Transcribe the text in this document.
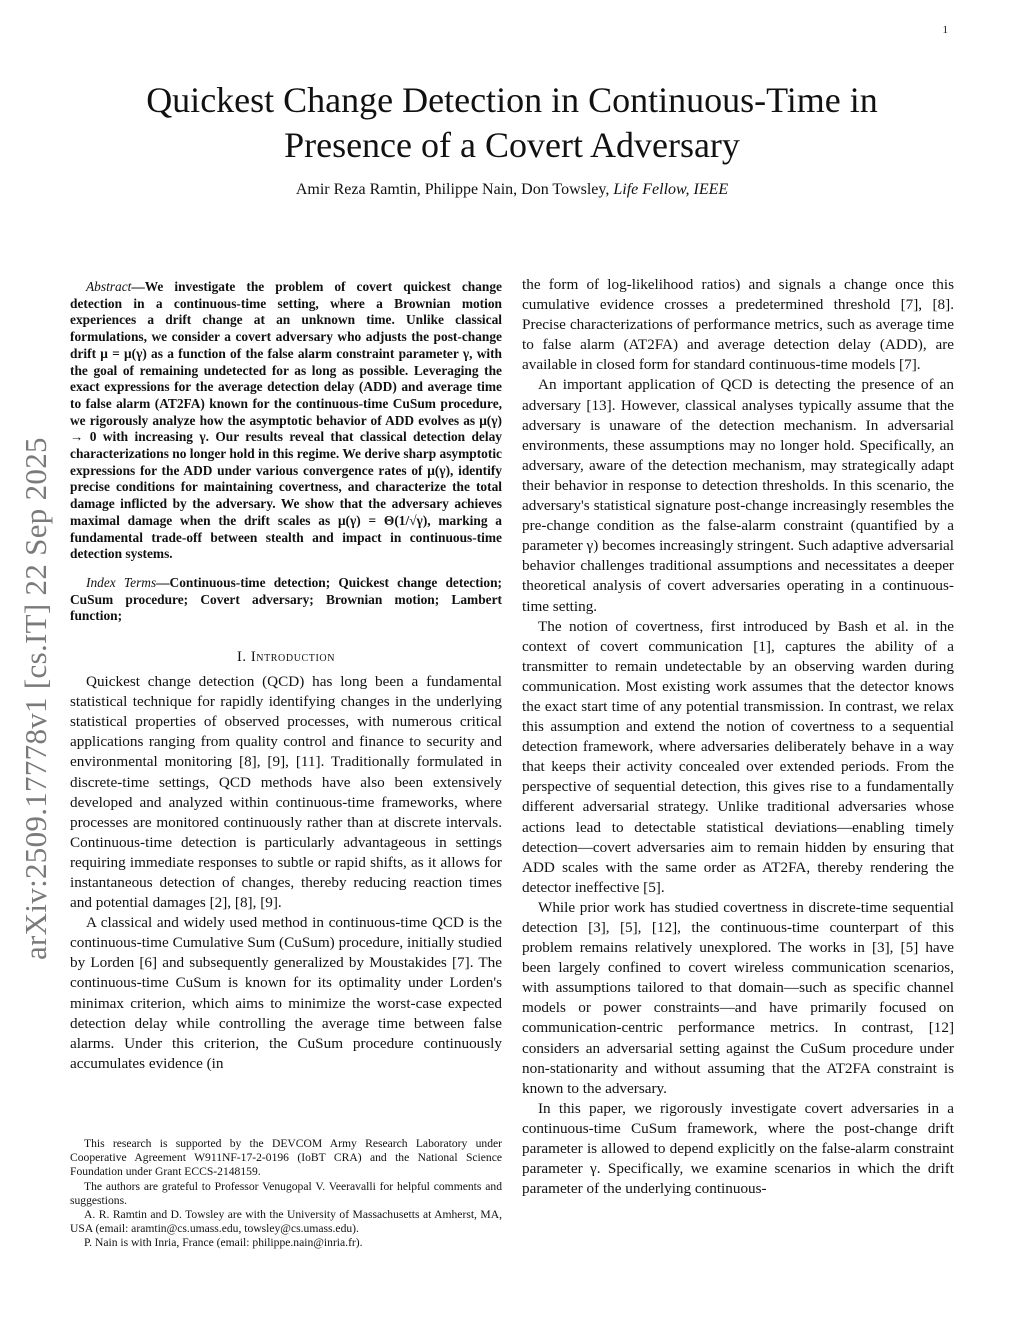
1
Quickest Change Detection in Continuous-Time in
Presence of a Covert Adversary
Amir Reza Ramtin, Philippe Nain, Don Towsley, Life Fellow, IEEE
arXiv:2509.17778v1 [cs.IT] 22 Sep 2025

Abstract—We investigate the problem of covert quickest change detection in a continuous-time setting, where a Brownian motion experiences a drift change at an unknown time. Unlike classical formulations, we consider a covert adversary who adjusts the post-change drift μ = μ(γ) as a function of the false alarm constraint parameter γ, with the goal of remaining undetected for as long as possible. Leveraging the exact expressions for the average detection delay (ADD) and average time to false alarm (AT2FA) known for the continuous-time CuSum procedure, we rigorously analyze how the asymptotic behavior of ADD evolves as μ(γ) → 0 with increasing γ. Our results reveal that classical detection delay characterizations no longer hold in this regime. We derive sharp asymptotic expressions for the ADD under various convergence rates of μ(γ), identify precise conditions for maintaining covertness, and characterize the total damage inflicted by the adversary. We show that the adversary achieves maximal damage when the drift scales as μ(γ) = Θ(1/√γ), marking a fundamental trade-off between stealth and impact in continuous-time detection systems.

Index Terms—Continuous-time detection; Quickest change detection; CuSum procedure; Covert adversary; Brownian motion; Lambert function;

I. Introduction

Quickest change detection (QCD) has long been a fundamental statistical technique for rapidly identifying changes in the underlying statistical properties of observed processes, with numerous critical applications ranging from quality control and finance to security and environmental monitoring [8], [9], [11]. Traditionally formulated in discrete-time settings, QCD methods have also been extensively developed and analyzed within continuous-time frameworks, where processes are monitored continuously rather than at discrete intervals. Continuous-time detection is particularly advantageous in settings requiring immediate responses to subtle or rapid shifts, as it allows for instantaneous detection of changes, thereby reducing reaction times and potential damages [2], [8], [9].

A classical and widely used method in continuous-time QCD is the continuous-time Cumulative Sum (CuSum) procedure, initially studied by Lorden [6] and subsequently generalized by Moustakides [7]. The continuous-time CuSum is known for its optimality under Lorden's minimax criterion, which aims to minimize the worst-case expected detection delay while controlling the average time between false alarms. Under this criterion, the CuSum procedure continuously accumulates evidence (in

the form of log-likelihood ratios) and signals a change once this cumulative evidence crosses a predetermined threshold [7], [8]. Precise characterizations of performance metrics, such as average time to false alarm (AT2FA) and average detection delay (ADD), are available in closed form for standard continuous-time models [7].

An important application of QCD is detecting the presence of an adversary [13]. However, classical analyses typically assume that the adversary is unaware of the detection mechanism. In adversarial environments, these assumptions may no longer hold. Specifically, an adversary, aware of the detection mechanism, may strategically adapt their behavior in response to detection thresholds. In this scenario, the adversary's statistical signature post-change increasingly resembles the pre-change condition as the false-alarm constraint (quantified by a parameter γ) becomes increasingly stringent. Such adaptive adversarial behavior challenges traditional assumptions and necessitates a deeper theoretical analysis of covert adversaries operating in a continuous-time setting.

The notion of covertness, first introduced by Bash et al. in the context of covert communication [1], captures the ability of a transmitter to remain undetectable by an observing warden during communication. Most existing work assumes that the detector knows the exact start time of any potential transmission. In contrast, we relax this assumption and extend the notion of covertness to a sequential detection framework, where adversaries deliberately behave in a way that keeps their activity concealed over extended periods. From the perspective of sequential detection, this gives rise to a fundamentally different adversarial strategy. Unlike traditional adversaries whose actions lead to detectable statistical deviations—enabling timely detection—covert adversaries aim to remain hidden by ensuring that ADD scales with the same order as AT2FA, thereby rendering the detector ineffective [5].

While prior work has studied covertness in discrete-time sequential detection [3], [5], [12], the continuous-time counterpart of this problem remains relatively unexplored. The works in [3], [5] have been largely confined to covert wireless communication scenarios, with assumptions tailored to that domain—such as specific channel models or power constraints—and have primarily focused on communication-centric performance metrics. In contrast, [12] considers an adversarial setting against the CuSum procedure under non-stationarity and without assuming that the AT2FA constraint is known to the adversary.

In this paper, we rigorously investigate covert adversaries in a continuous-time CuSum framework, where the post-change drift parameter is allowed to depend explicitly on the false-alarm constraint parameter γ. Specifically, we examine scenarios in which the drift parameter of the underlying continuous-

This research is supported by the DEVCOM Army Research Laboratory under Cooperative Agreement W911NF-17-2-0196 (IoBT CRA) and the National Science Foundation under Grant ECCS-2148159.

The authors are grateful to Professor Venugopal V. Veeravalli for helpful comments and suggestions.

A. R. Ramtin and D. Towsley are with the University of Massachusetts at Amherst, MA, USA (email: aramtin@cs.umass.edu, towsley@cs.umass.edu).

P. Nain is with Inria, France (email: philippe.nain@inria.fr).
